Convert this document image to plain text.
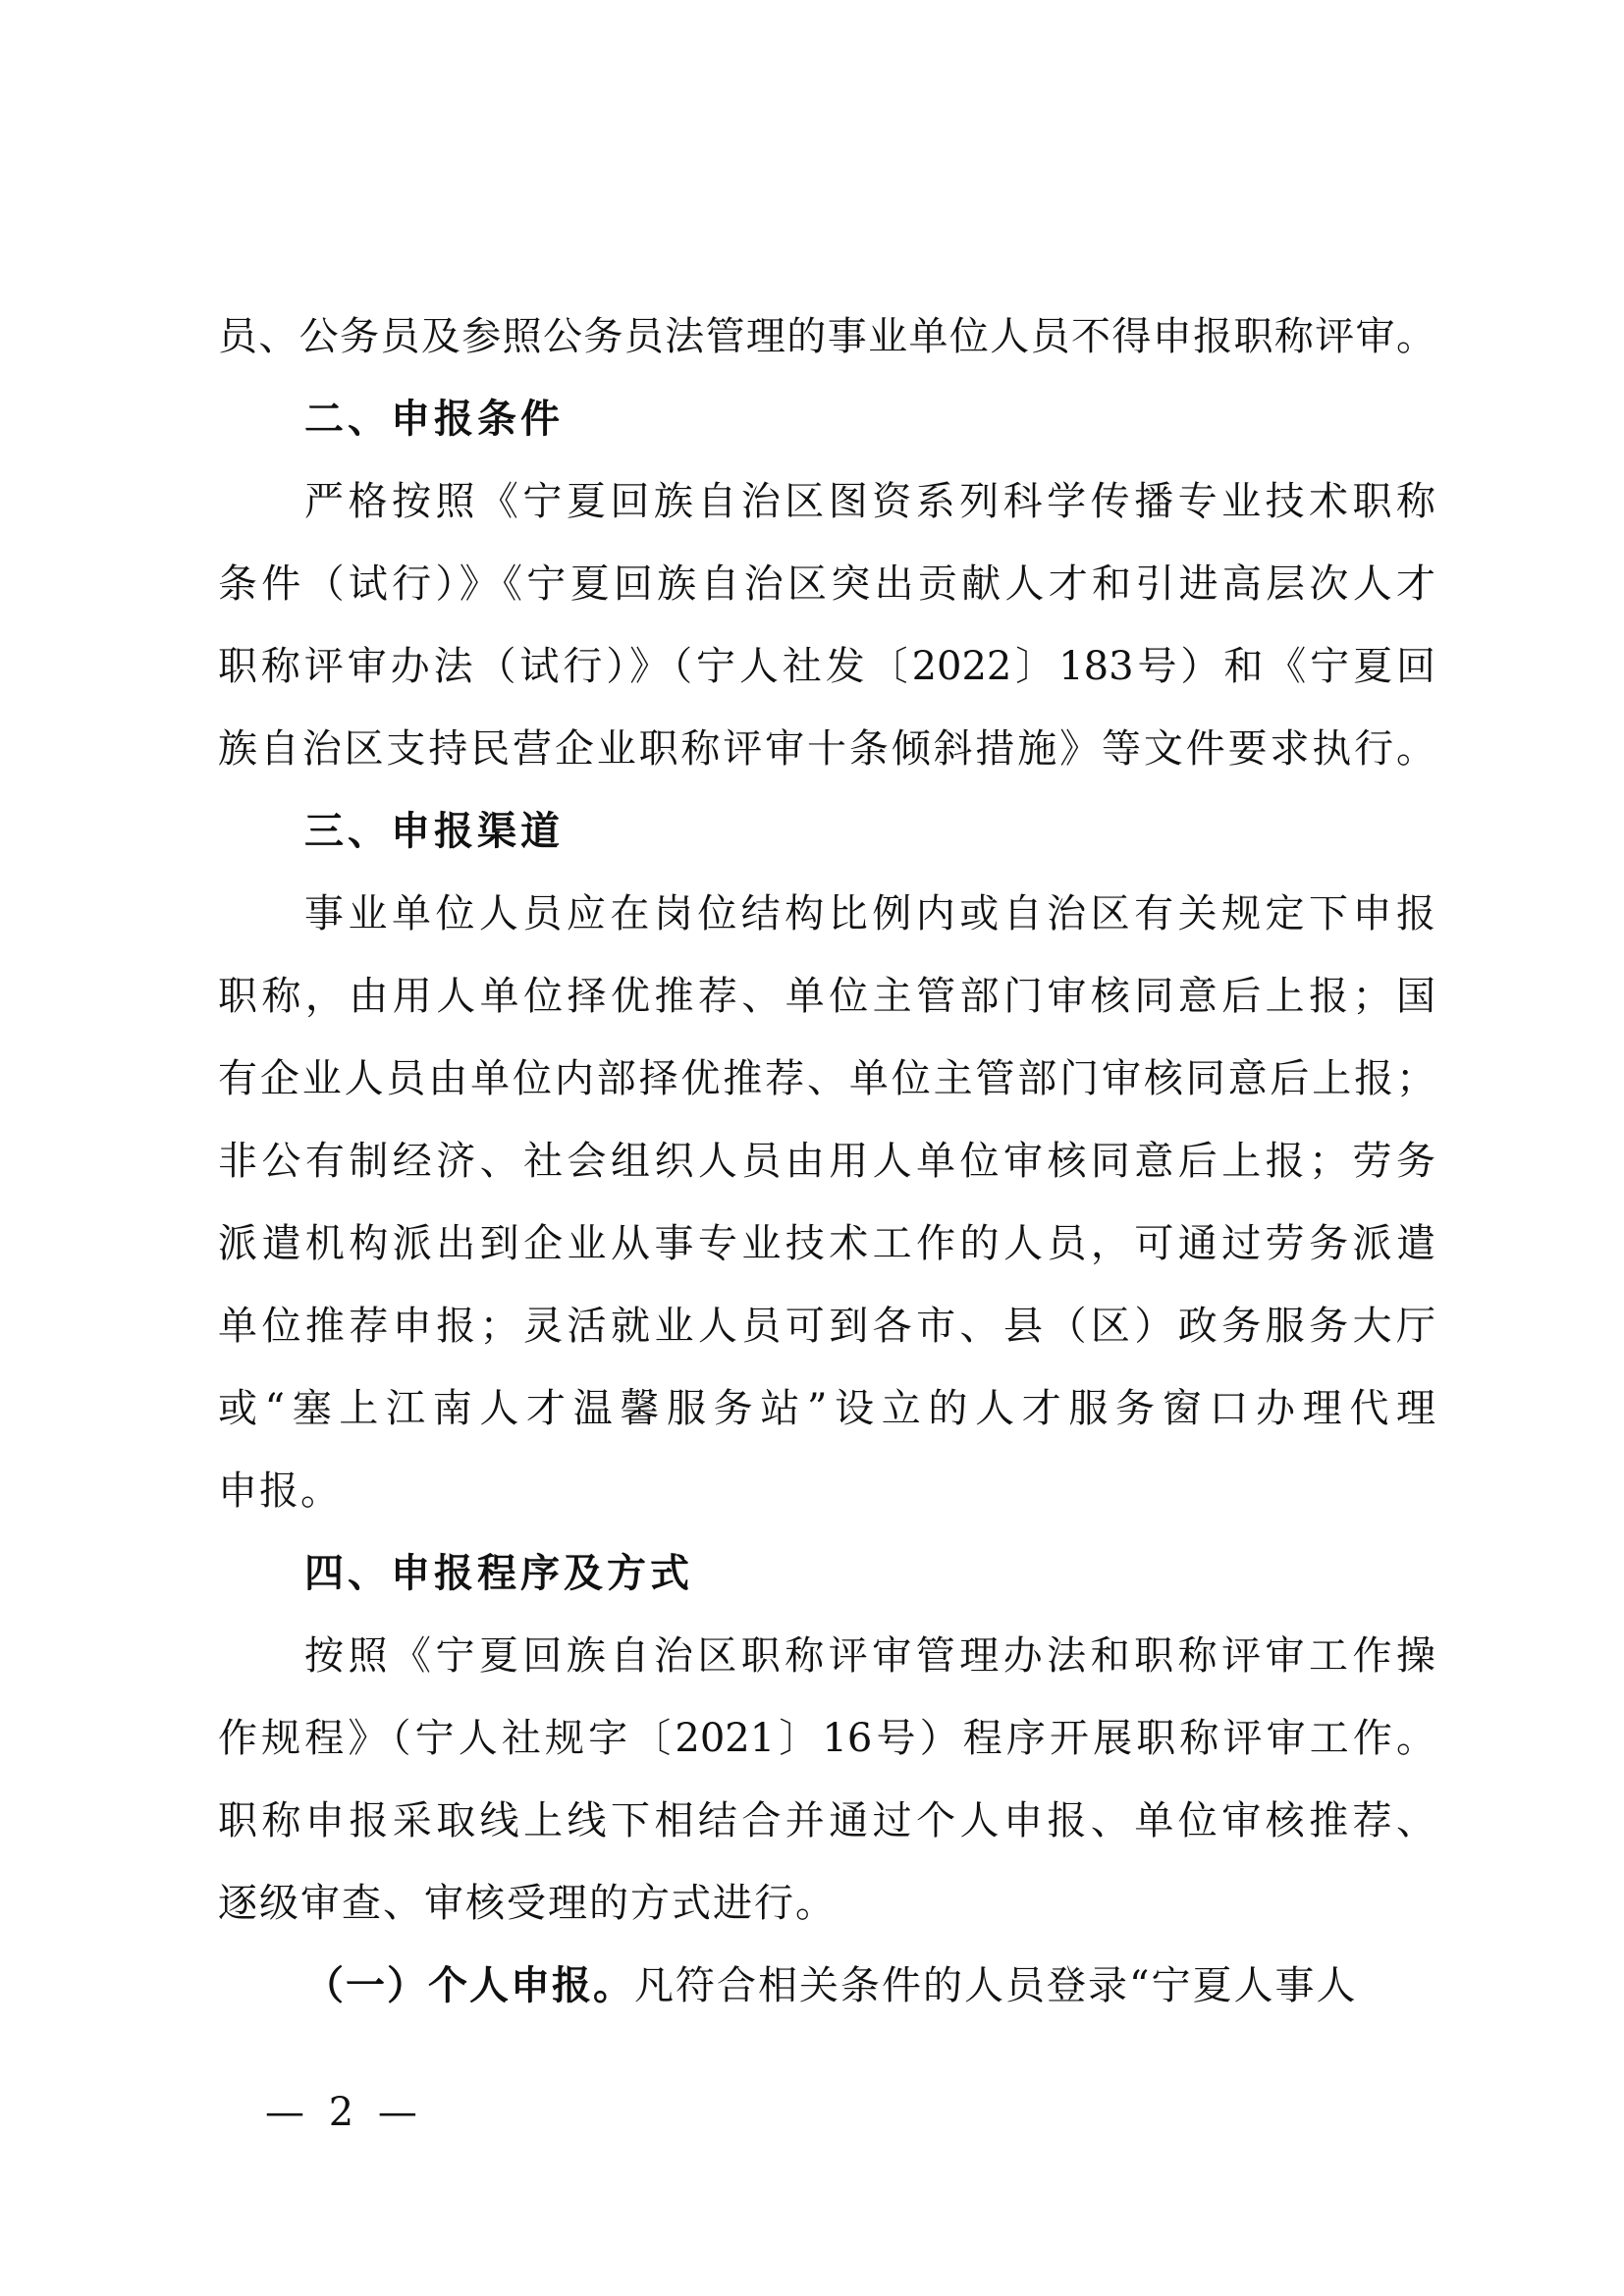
员、公务员及参照公务员法管理的事业单位人员不得申报职称评审。
二、申报条件
严格按照《宁夏回族自治区图资系列科学传播专业技术职称
条件（试行）》《宁夏回族自治区突出贡献人才和引进高层次人才
职称评审办法（试行）》（宁人社发〔2022〕183号）和《宁夏回
族自治区支持民营企业职称评审十条倾斜措施》等文件要求执行。
三、申报渠道
事业单位人员应在岗位结构比例内或自治区有关规定下申报
职称，由用人单位择优推荐、单位主管部门审核同意后上报；国
有企业人员由单位内部择优推荐、单位主管部门审核同意后上报；
非公有制经济、社会组织人员由用人单位审核同意后上报；劳务
派遣机构派出到企业从事专业技术工作的人员，可通过劳务派遣
单位推荐申报；灵活就业人员可到各市、县（区）政务服务大厅
或“塞上江南人才温馨服务站”设立的人才服务窗口办理代理
申报。
四、申报程序及方式
按照《宁夏回族自治区职称评审管理办法和职称评审工作操
作规程》（宁人社规字〔2021〕16号）程序开展职称评审工作。
职称申报采取线上线下相结合并通过个人申报、单位审核推荐、
逐级审查、审核受理的方式进行。
（一）个人申报。凡符合相关条件的人员登录“宁夏人事人
— 2 —
